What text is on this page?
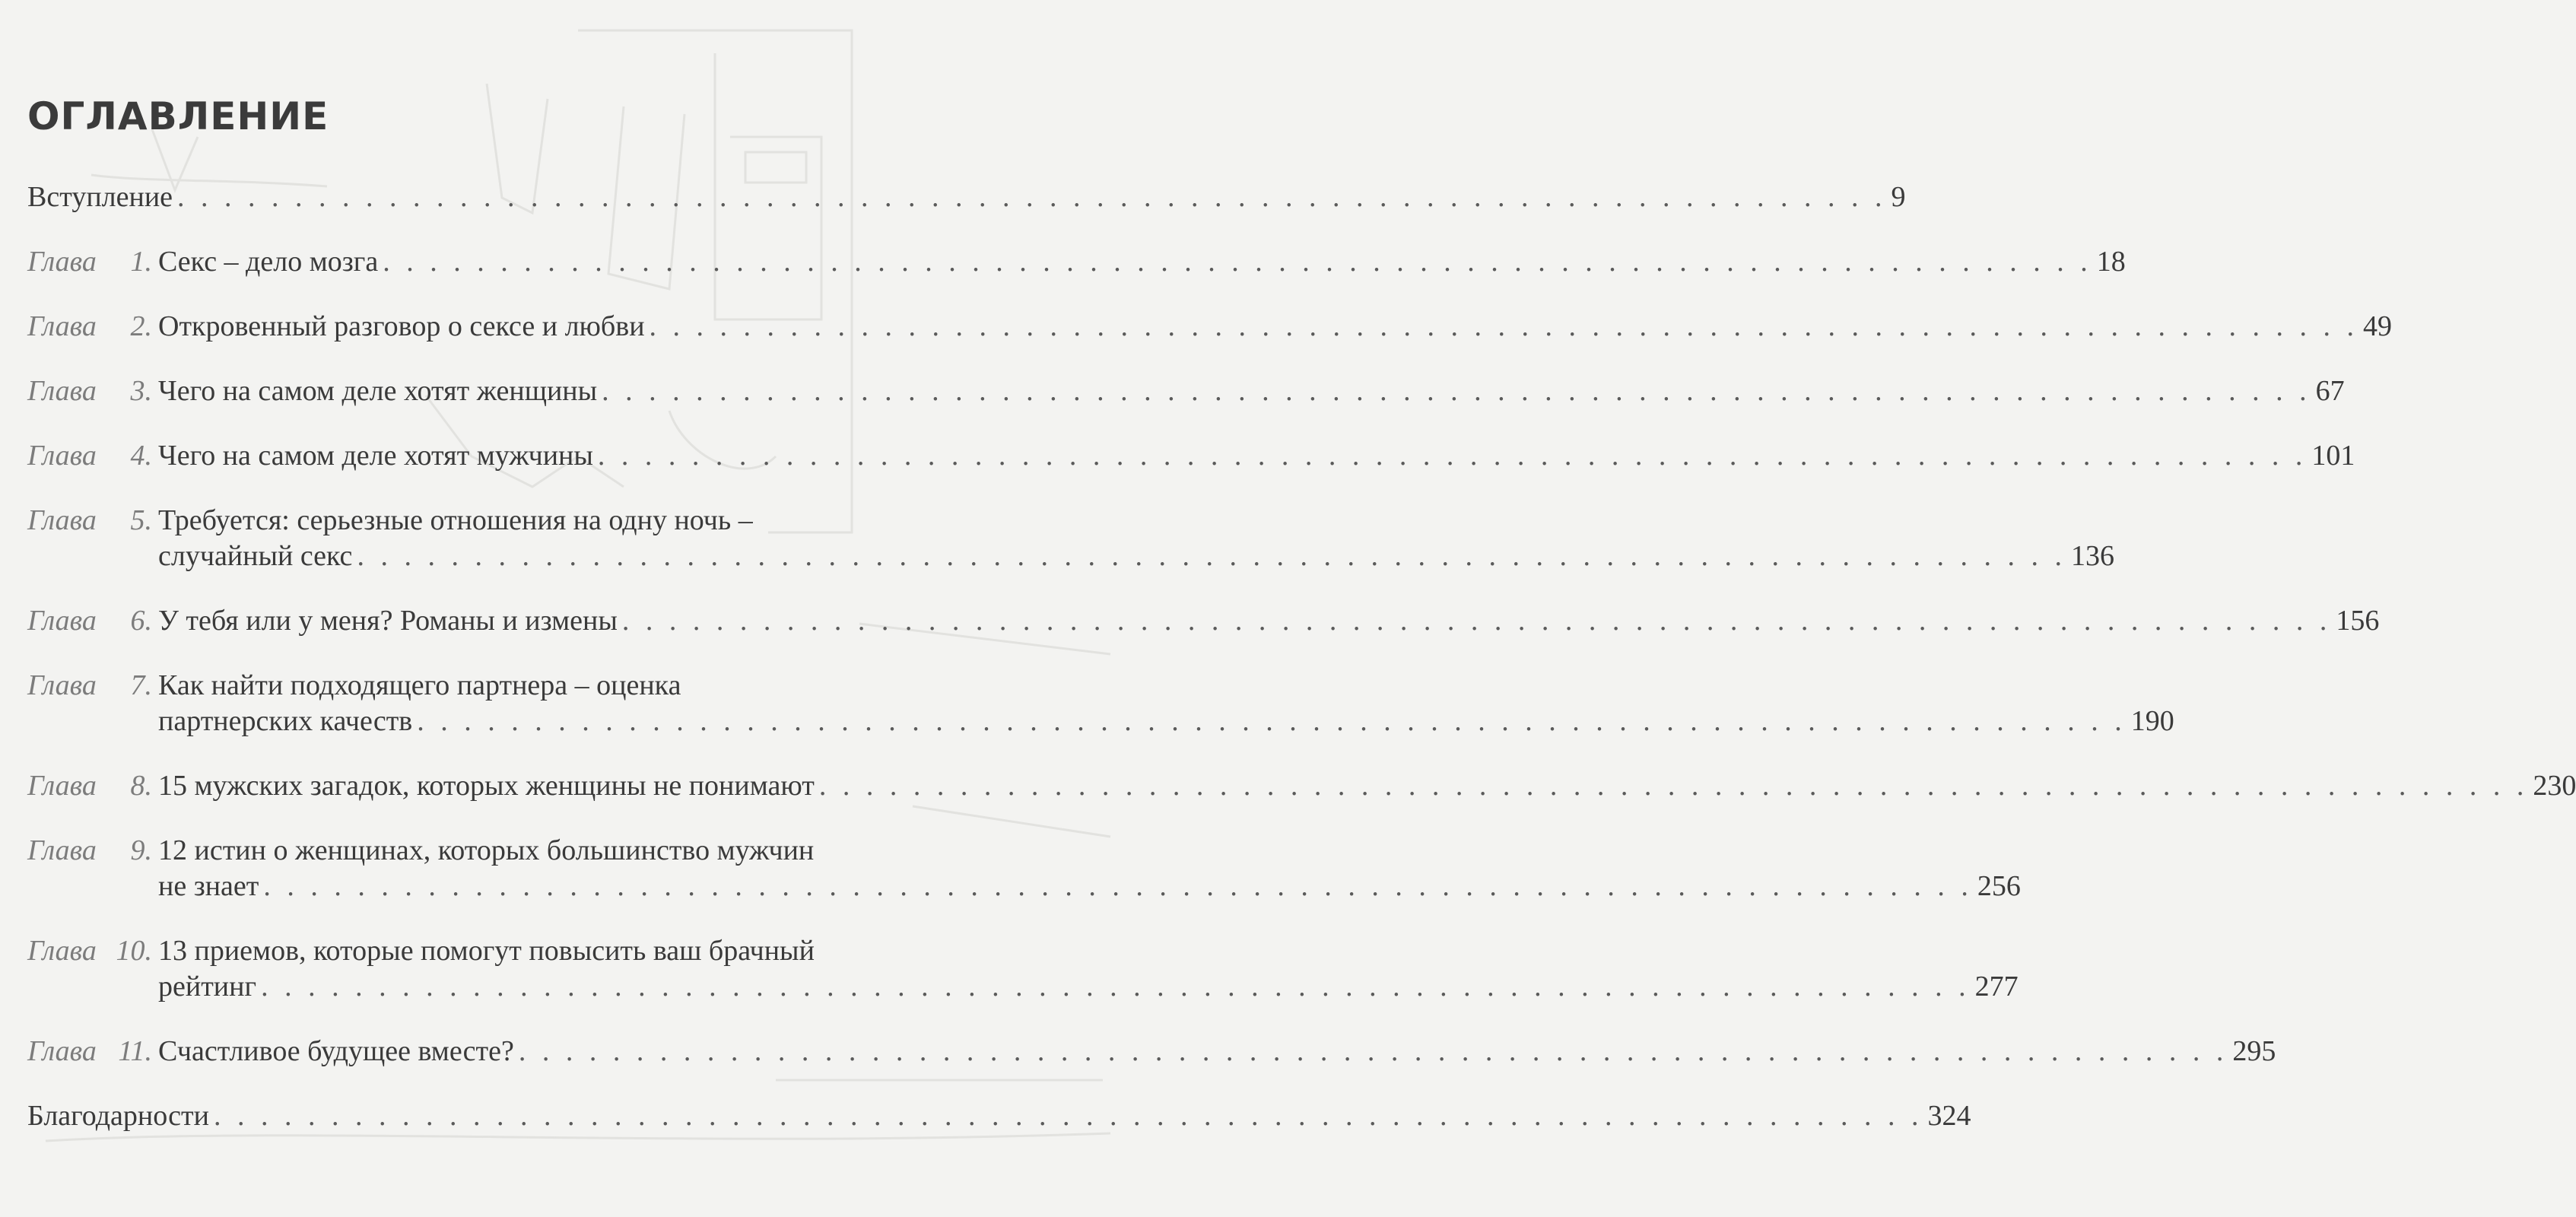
ОГЛАВЛЕНИЕ
Вступление . . . . . . . . . . . . . . . . . . . . . . . . . . . . . . . . . . . . . . . . . . . . . . . . . . . . . . . . . . . . . . . . . . . . . . . . . 9
Глава 1. Секс – дело мозга . . . . . . . . . . . . . . . . . . . . . . . . . . . . . . . . . . . . . . . . . . . . . . . . . . . . . . . . . . . . . . . . . . . . . . . . . 18
Глава 2. Откровенный разговор о сексе и любви . . . . . . . . . . . . . . . . . . . . . . . . . . . . . . . . . . . . . . . . . . . . . . . . . . . . . . . . . . . . . . . . . . . . . . . . . 49
Глава 3. Чего на самом деле хотят женщины . . . . . . . . . . . . . . . . . . . . . . . . . . . . . . . . . . . . . . . . . . . . . . . . . . . . . . . . . . . . . . . . . . . . . . . . . 67
Глава 4. Чего на самом деле хотят мужчины . . . . . . . . . . . . . . . . . . . . . . . . . . . . . . . . . . . . . . . . . . . . . . . . . . . . . . . . . . . . . . . . . . . . . . . . . 101
Глава 5. Требуется: серьезные отношения на одну ночь –
случайный секс . . . . . . . . . . . . . . . . . . . . . . . . . . . . . . . . . . . . . . . . . . . . . . . . . . . . . . . . . . . . . . . . . . . . . . . . . 136
Глава 6. У тебя или у меня? Романы и измены . . . . . . . . . . . . . . . . . . . . . . . . . . . . . . . . . . . . . . . . . . . . . . . . . . . . . . . . . . . . . . . . . . . . . . . . . 156
Глава 7. Как найти подходящего партнера – оценка
партнерских качеств . . . . . . . . . . . . . . . . . . . . . . . . . . . . . . . . . . . . . . . . . . . . . . . . . . . . . . . . . . . . . . . . . . . . . . . . . 190
Глава 8. 15 мужских загадок, которых женщины не понимают . . . . . . . . . . . . . . . . . . . . . . . . . . . . . . . . . . . . . . . . . . . . . . . . . . . . . . . . . . . . . . . . . . . . . . . . . 230
Глава 9. 12 истин о женщинах, которых большинство мужчин
не знает . . . . . . . . . . . . . . . . . . . . . . . . . . . . . . . . . . . . . . . . . . . . . . . . . . . . . . . . . . . . . . . . . . . . . . . . . 256
Глава 10. 13 приемов, которые помогут повысить ваш брачный
рейтинг . . . . . . . . . . . . . . . . . . . . . . . . . . . . . . . . . . . . . . . . . . . . . . . . . . . . . . . . . . . . . . . . . . . . . . . . . 277
Глава 11. Счастливое будущее вместе? . . . . . . . . . . . . . . . . . . . . . . . . . . . . . . . . . . . . . . . . . . . . . . . . . . . . . . . . . . . . . . . . . . . . . . . . . 295
Благодарности . . . . . . . . . . . . . . . . . . . . . . . . . . . . . . . . . . . . . . . . . . . . . . . . . . . . . . . . . . . . . . . . . . . . . . . . . 324
